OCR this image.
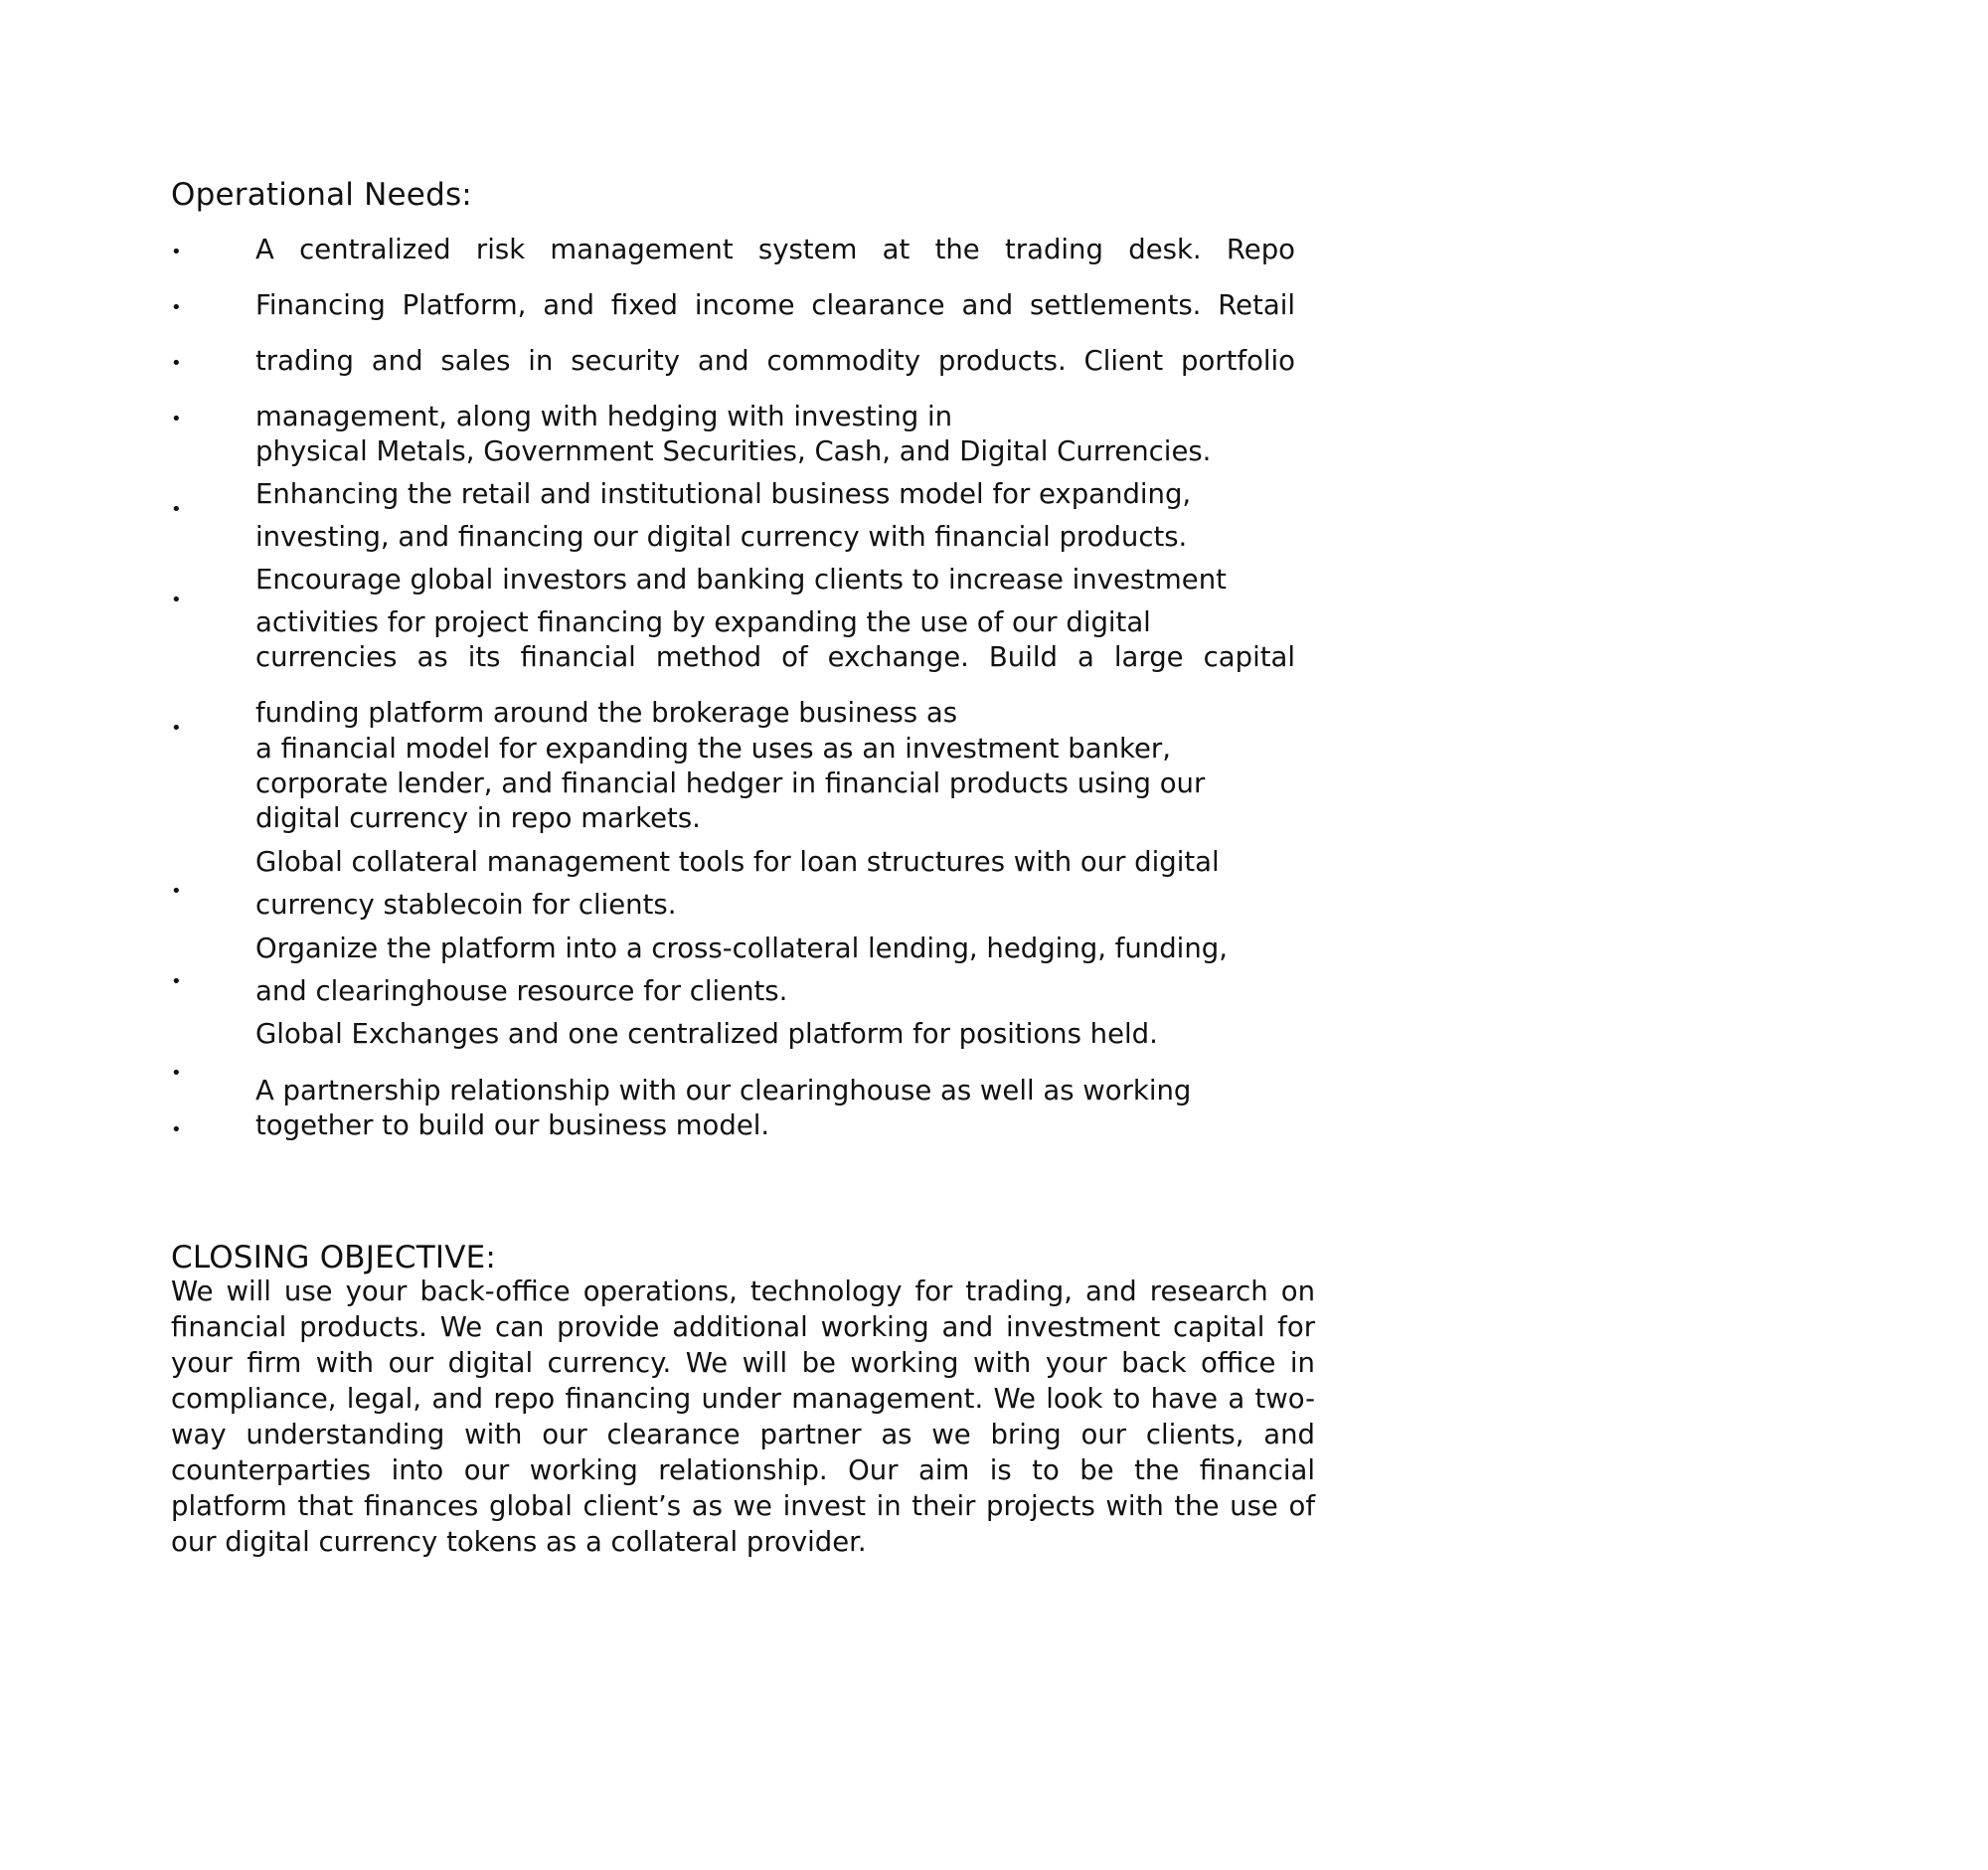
Operational Needs:
•
•
•
•
•
•
•
•
•
•
•
A centralized risk management system at the trading desk. Repo
Financing Platform, and fixed income clearance and settlements. Retail
trading and sales in security and commodity products. Client portfolio
management, along with hedging with investing in
physical Metals, Government Securities, Cash, and Digital Currencies.
Enhancing the retail and institutional business model for expanding,
investing, and financing our digital currency with financial products.
Encourage global investors and banking clients to increase investment
activities for project financing by expanding the use of our digital
currencies as its financial method of exchange. Build a large capital
funding platform around the brokerage business as
a financial model for expanding the uses as an investment banker,
corporate lender, and financial hedger in financial products using our
digital currency in repo markets.
Global collateral management tools for loan structures with our digital
currency stablecoin for clients.
Organize the platform into a cross-collateral lending, hedging, funding,
and clearinghouse resource for clients.
Global Exchanges and one centralized platform for positions held.
A partnership relationship with our clearinghouse as well as working
together to build our business model.
CLOSING OBJECTIVE:
We will use your back-office operations, technology for trading, and research on
financial products. We can provide additional working and investment capital for
your firm with our digital currency. We will be working with your back office in
compliance, legal, and repo financing under management. We look to have a two-
way understanding with our clearance partner as we bring our clients, and
counterparties into our working relationship. Our aim is to be the financial
platform that finances global client’s as we invest in their projects with the use of
our digital currency tokens as a collateral provider.
